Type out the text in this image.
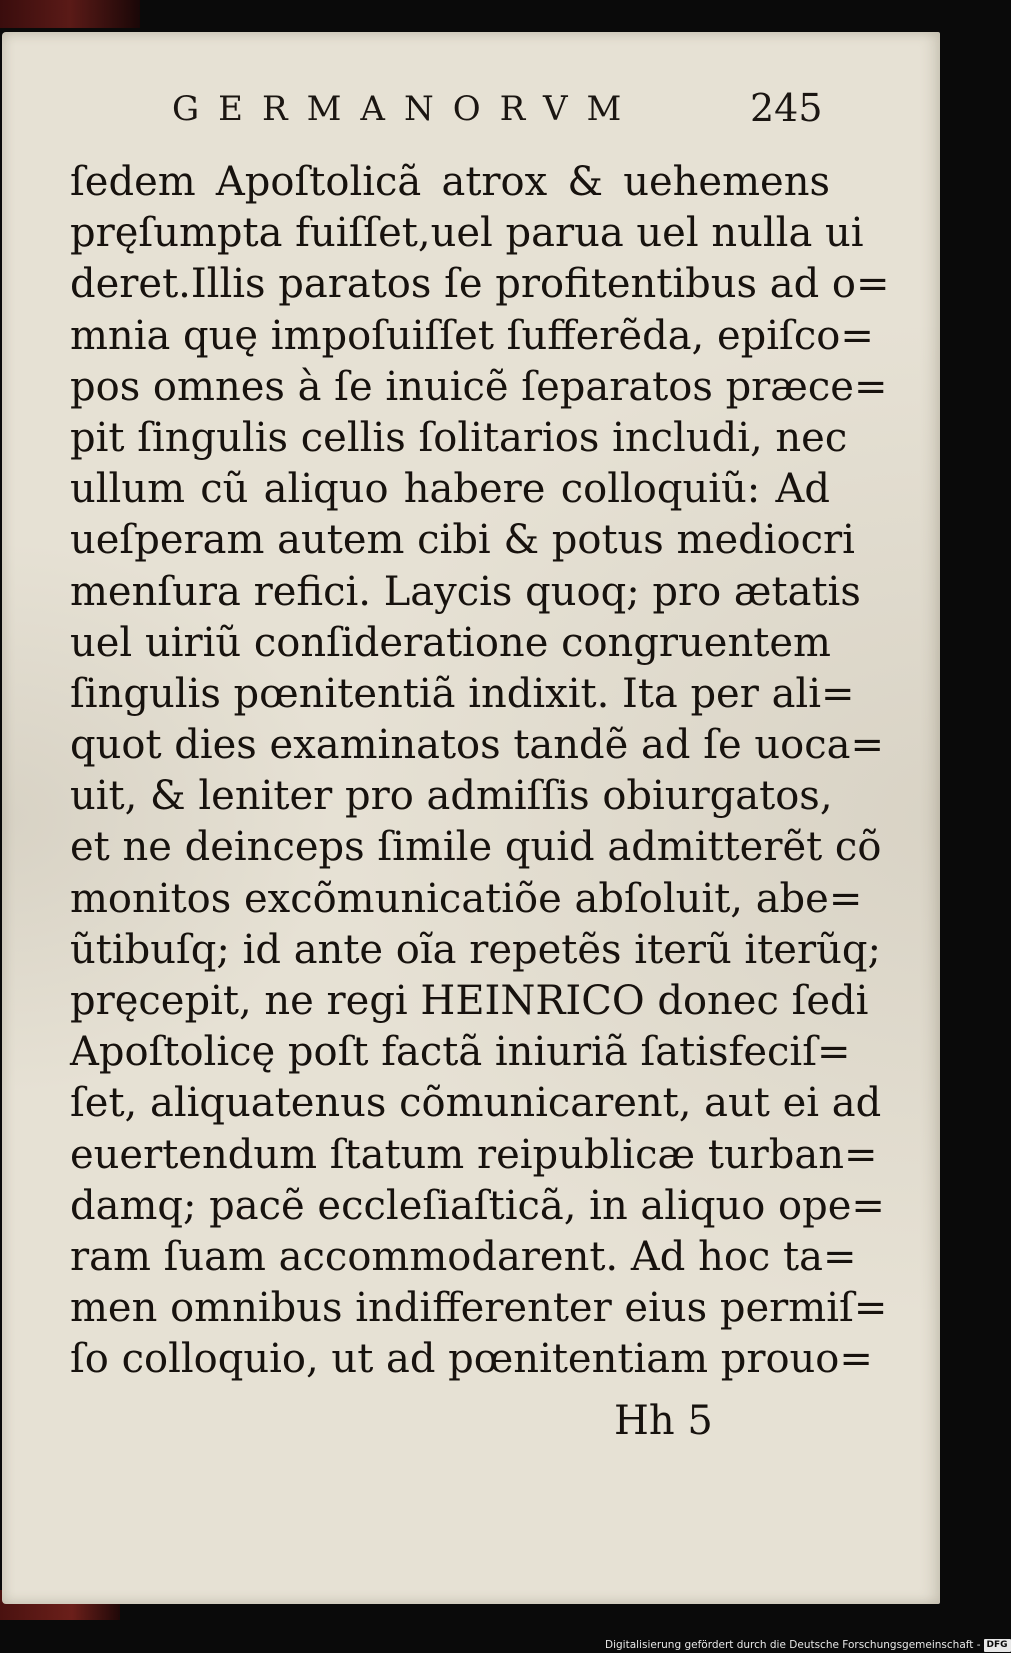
GERMANORVM	245
ſedem Apoſtolicã atrox & uehemens
pręſumpta fuiſſet,uel parua uel nulla ui
deret.Illis paratos ſe profitentibus ad o=
mnia quę impoſuiſſet ſufferẽda, epiſco=
pos omnes à ſe inuicẽ ſeparatos præce=
pit ſingulis cellis ſolitarios includi, nec
ullum cũ aliquo habere colloquiũ: Ad
ueſperam autem cibi & potus mediocri
menſura refici. Laycis quoq; pro ætatis
uel uiriũ conſideratione congruentem
ſingulis pœnitentiã indixit. Ita per ali=
quot dies examinatos tandẽ ad ſe uoca=
uit, & leniter pro admiſſis obiurgatos,
et ne deinceps ſimile quid admitterẽt cõ
monitos excõmunicatiõe abſoluit, abe=
ũtibuſq; id ante oĩa repetẽs iterũ iterũq;
pręcepit, ne regi HEINRICO donec ſedi
Apoſtolicę poſt factã iniuriã ſatisfeciſ=
ſet, aliquatenus cõmunicarent, aut ei ad
euertendum ſtatum reipublicæ turban=
damq; pacẽ eccleſiaſticã, in aliquo ope=
ram ſuam accommodarent. Ad hoc ta=
men omnibus indifferenter eius permiſ=
ſo colloquio, ut ad pœnitentiam prouo=
Hh 5
Digitalisierung gefördert durch die Deutsche Forschungsgemeinschaft - DFG
